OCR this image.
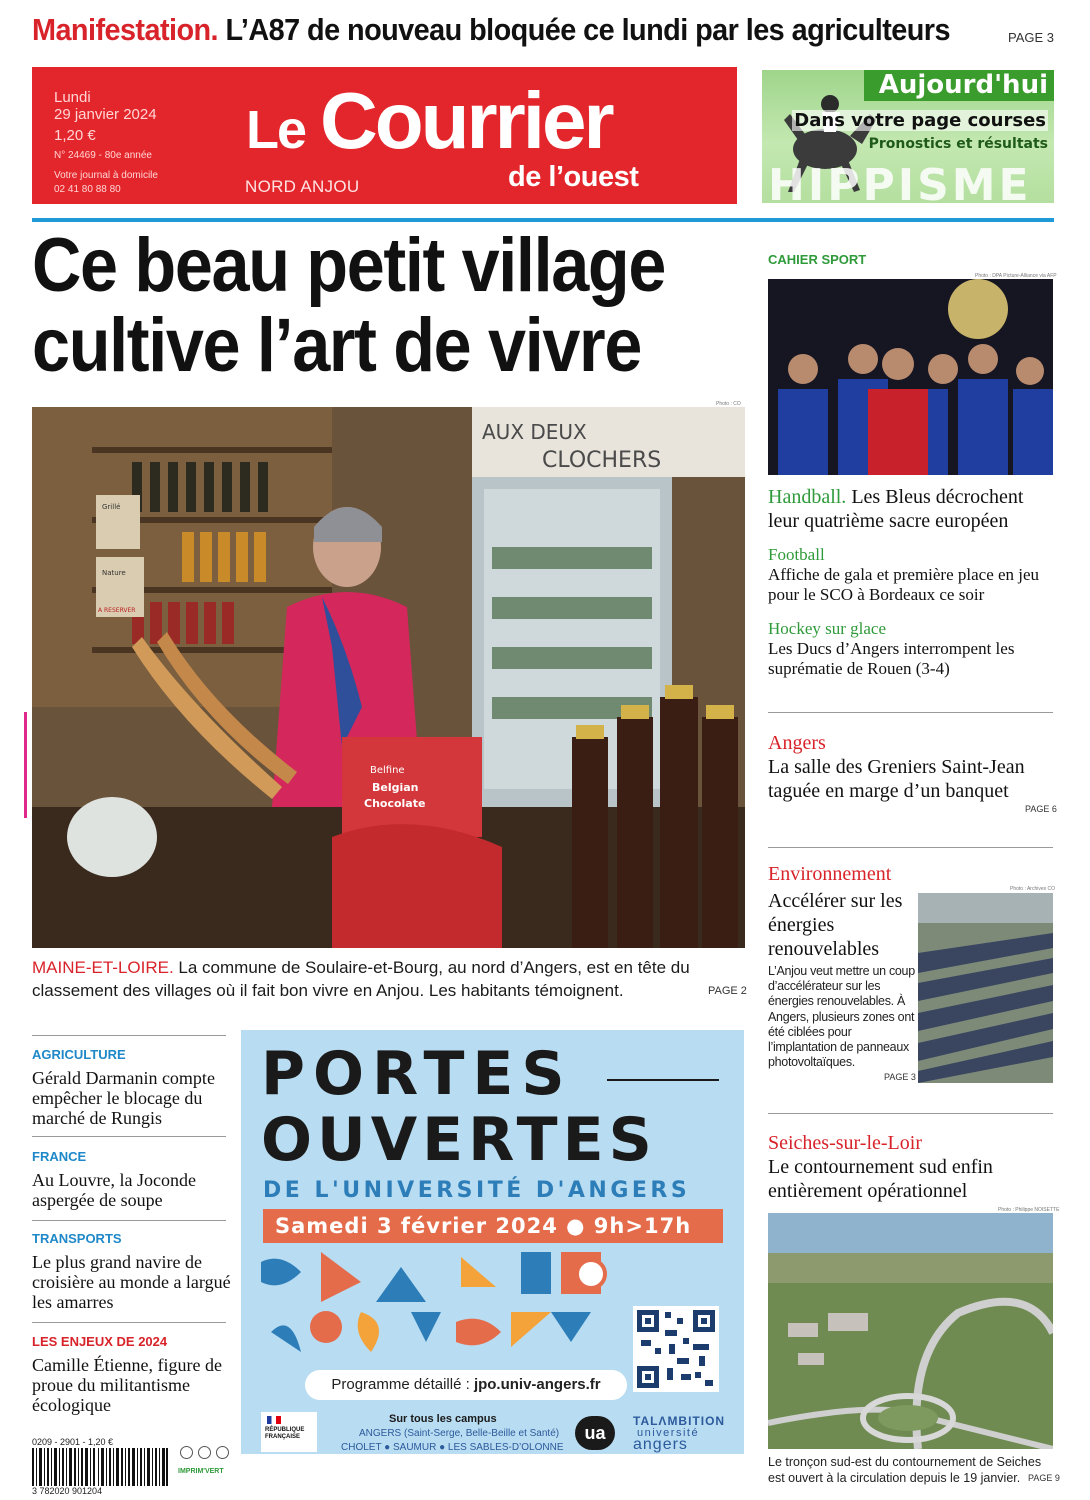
Manifestation. L’A87 de nouveau bloquée ce lundi par les agriculteurs	PAGE 3
Lundi
29 janvier 2024
1,20 €
N° 24469 - 80e année
Votre journal à domicile
02 41 80 88 80
Le Courrier
de l’ouest
NORD ANJOU
Aujourd'hui
Dans votre page courses
Pronostics et résultats
HIPPISME
Ce beau petit village
cultive l’art de vivre
Photo : CO
Grillé
Nature
A RESERVER
AUX DEUX
CLOCHERS
Belfine
Belgian
Chocolate
MAINE-ET-LOIRE. La commune de Soulaire-et-Bourg, au nord d’Angers, est en tête du classement des villages où il fait bon vivre en Anjou. Les habitants témoignent.	PAGE 2
CAHIER SPORT
Photo : DPA Picture-Alliance via AFP
Handball. Les Bleus décrochent leur quatrième sacre européen
Football
Affiche de gala et première place en jeu pour le SCO à Bordeaux ce soir
Hockey sur glace
Les Ducs d’Angers interrompent les suprématie de Rouen (3-4)
Angers
La salle des Greniers Saint-Jean taguée en marge d’un banquet
PAGE 6
Environnement
Accélérer sur les énergies renouvelables
L’Anjou veut mettre un coup d’accélérateur sur les énergies renouvelables. À Angers, plusieurs zones ont été ciblées pour l’implantation de panneaux photovoltaïques.
PAGE 3
Photo : Archives CO
Seiches-sur-le-Loir
Le contournement sud enfin entièrement opérationnel
Photo : Philippe NOISETTE
Le tronçon sud-est du contournement de Seiches est ouvert à la circulation depuis le 19 janvier. PAGE 9
AGRICULTURE
Gérald Darmanin compte empêcher le blocage du marché de Rungis
FRANCE
Au Louvre, la Joconde aspergée de soupe
TRANSPORTS
Le plus grand navire de croisière au monde a largué les amarres
LES ENJEUX DE 2024
Camille Étienne, figure de proue du militantisme écologique
PORTES
OUVERTES
DE L'UNIVERSITÉ D'ANGERS
Samedi 3 février 2024 ● 9h>17h
Programme détaillé : jpo.univ-angers.fr
RÉPUBLIQUE FRANÇAISE
Sur tous les campus
ANGERS (Saint-Serge, Belle-Beille et Santé)
CHOLET ● SAUMUR ● LES SABLES-D’OLONNE
ua
TALΛMBITION
université
angers
0209 - 2901 - 1,20 €
3 782020 901204
IMPRIM'VERT
